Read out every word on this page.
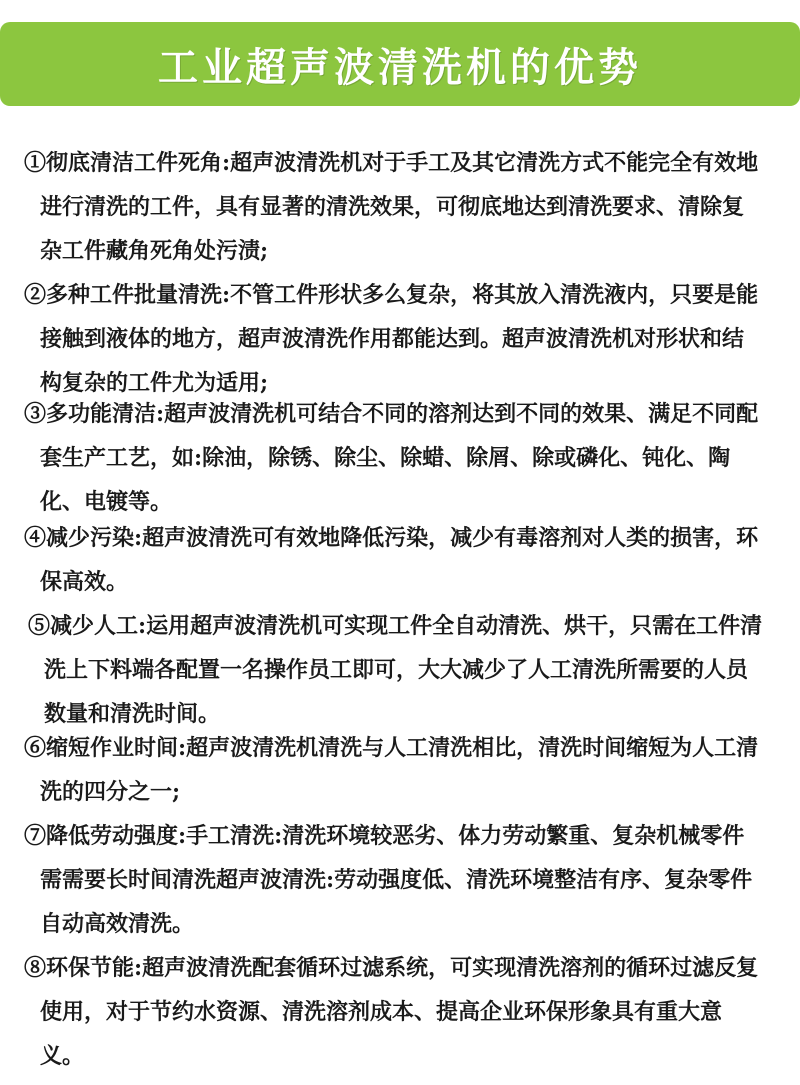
工业超声波清洗机的优势
①彻底清洁工件死角:超声波清洗机对于手工及其它清洗方式不能完全有效地进行清洗的工件，具有显著的清洗效果，可彻底地达到清洗要求、清除复杂工件藏角死角处污渍;
②多种工件批量清洗:不管工件形状多么复杂，将其放入清洗液内，只要是能接触到液体的地方，超声波清洗作用都能达到。超声波清洗机对形状和结构复杂的工件尤为适用;
③多功能清洁:超声波清洗机可结合不同的溶剂达到不同的效果、满足不同配套生产工艺，如:除油，除锈、除尘、除蜡、除屑、除或磷化、钝化、陶化、电镀等。
④减少污染:超声波清洗可有效地降低污染，减少有毒溶剂对人类的损害，环保高效。
⑤减少人工:运用超声波清洗机可实现工件全自动清洗、烘干，只需在工件清洗上下料端各配置一名操作员工即可，大大减少了人工清洗所需要的人员数量和清洗时间。
⑥缩短作业时间:超声波清洗机清洗与人工清洗相比，清洗时间缩短为人工清洗的四分之一;
⑦降低劳动强度:手工清洗:清洗环境较恶劣、体力劳动繁重、复杂机械零件需需要长时间清洗超声波清洗:劳动强度低、清洗环境整洁有序、复杂零件自动高效清洗。
⑧环保节能:超声波清洗配套循环过滤系统，可实现清洗溶剂的循环过滤反复使用，对于节约水资源、清洗溶剂成本、提高企业环保形象具有重大意义。
